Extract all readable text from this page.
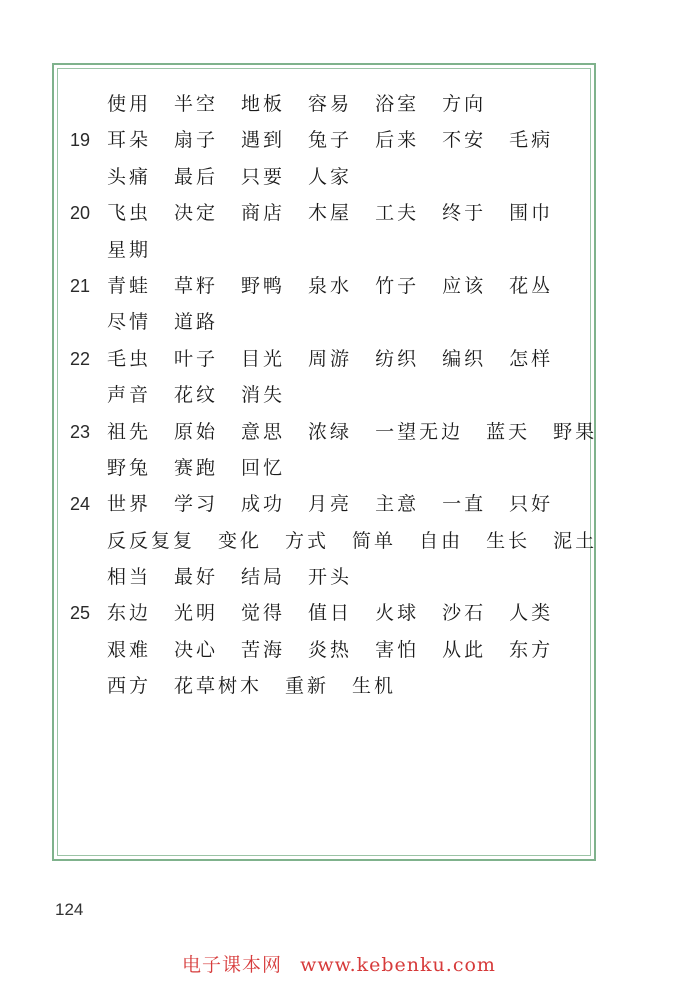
使用 半空 地板 容易 浴室 方向
19 耳朵 扇子 遇到 兔子 后来 不安 毛病
头痛 最后 只要 人家
20 飞虫 决定 商店 木屋 工夫 终于 围巾
星期
21 青蛙 草籽 野鸭 泉水 竹子 应该 花丛
尽情 道路
22 毛虫 叶子 目光 周游 纺织 编织 怎样
声音 花纹 消失
23 祖先 原始 意思 浓绿 一望无边 蓝天 野果
野兔 赛跑 回忆
24 世界 学习 成功 月亮 主意 一直 只好
反反复复 变化 方式 简单 自由 生长 泥土
相当 最好 结局 开头
25 东边 光明 觉得 值日 火球 沙石 人类
艰难 决心 苦海 炎热 害怕 从此 东方
西方 花草树木 重新 生机
124
电子课本网 www.kebenku.com
